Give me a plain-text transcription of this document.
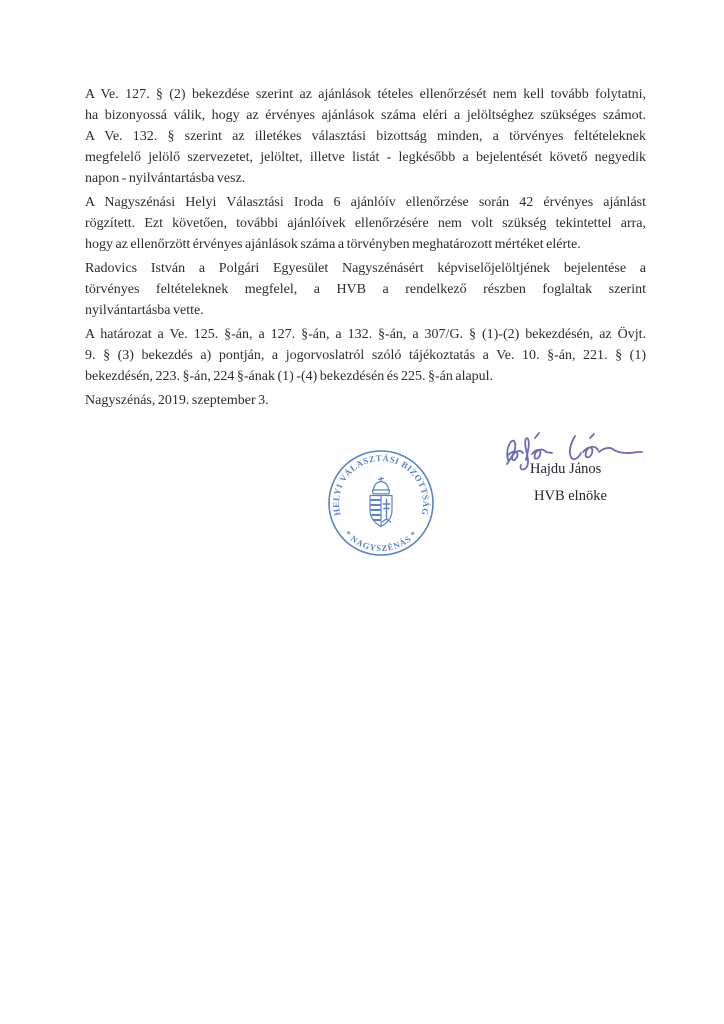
A Ve. 127. § (2) bekezdése szerint az ajánlások tételes ellenőrzését nem kell tovább folytatni,
ha bizonyossá válik, hogy az érvényes ajánlások száma eléri a jelöltséghez szükséges számot.
A Ve. 132. § szerint az illetékes választási bizottság minden, a törvényes feltételeknek
megfelelő jelölő szervezetet, jelöltet, illetve listát - legkésőbb a bejelentését követő negyedik
napon - nyilvántartásba vesz.

A Nagyszénási Helyi Választási Iroda 6 ajánlóív ellenőrzése során 42 érvényes ajánlást
rögzített. Ezt követően, további ajánlóívek ellenőrzésére nem volt szükség tekintettel arra,
hogy az ellenőrzött érvényes ajánlások száma a törvényben meghatározott mértéket elérte.

Radovics István a Polgári Egyesület Nagyszénásért képviselőjelöltjének bejelentése a
törvényes feltételeknek megfelel, a HVB a rendelkező részben foglaltak szerint
nyilvántartásba vette.

A határozat a Ve. 125. §-án, a 127. §-án, a 132. §-án, a 307/G. § (1)-(2) bekezdésén, az Övjt.
9. § (3) bekezdés a) pontján, a jogorvoslatról szóló tájékoztatás a Ve. 10. §-án, 221. § (1)
bekezdésén, 223. §-án, 224 §-ának (1) -(4) bekezdésén és 225. §-án alapul.

Nagyszénás, 2019. szeptember 3.

HELYI VÁLASZTÁSI BIZOTTSÁG
* NAGYSZÉNÁS *
Hajdu János
HVB elnöke
